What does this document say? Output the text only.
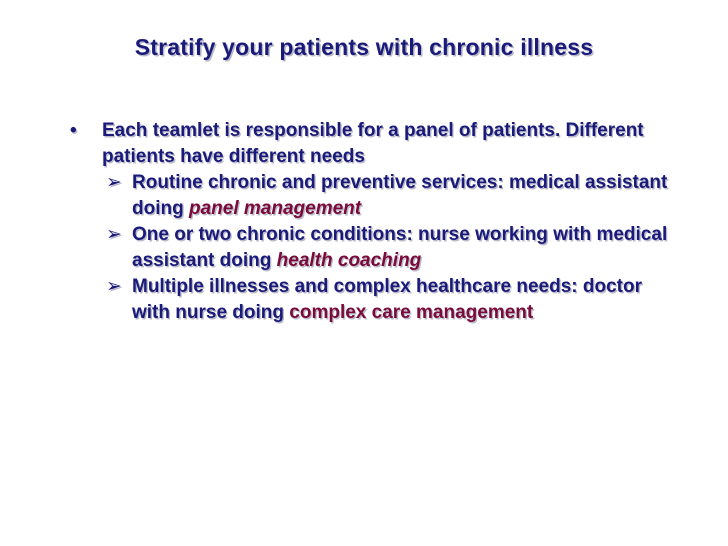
Stratify your patients with chronic illness
•	Each teamlet is responsible for a panel of patients. Different patients have different needs
➢ Routine chronic and preventive services: medical assistant doing panel management
➢ One or two chronic conditions: nurse working with medical assistant doing health coaching
➢ Multiple illnesses and complex healthcare needs: doctor with nurse doing complex care management
